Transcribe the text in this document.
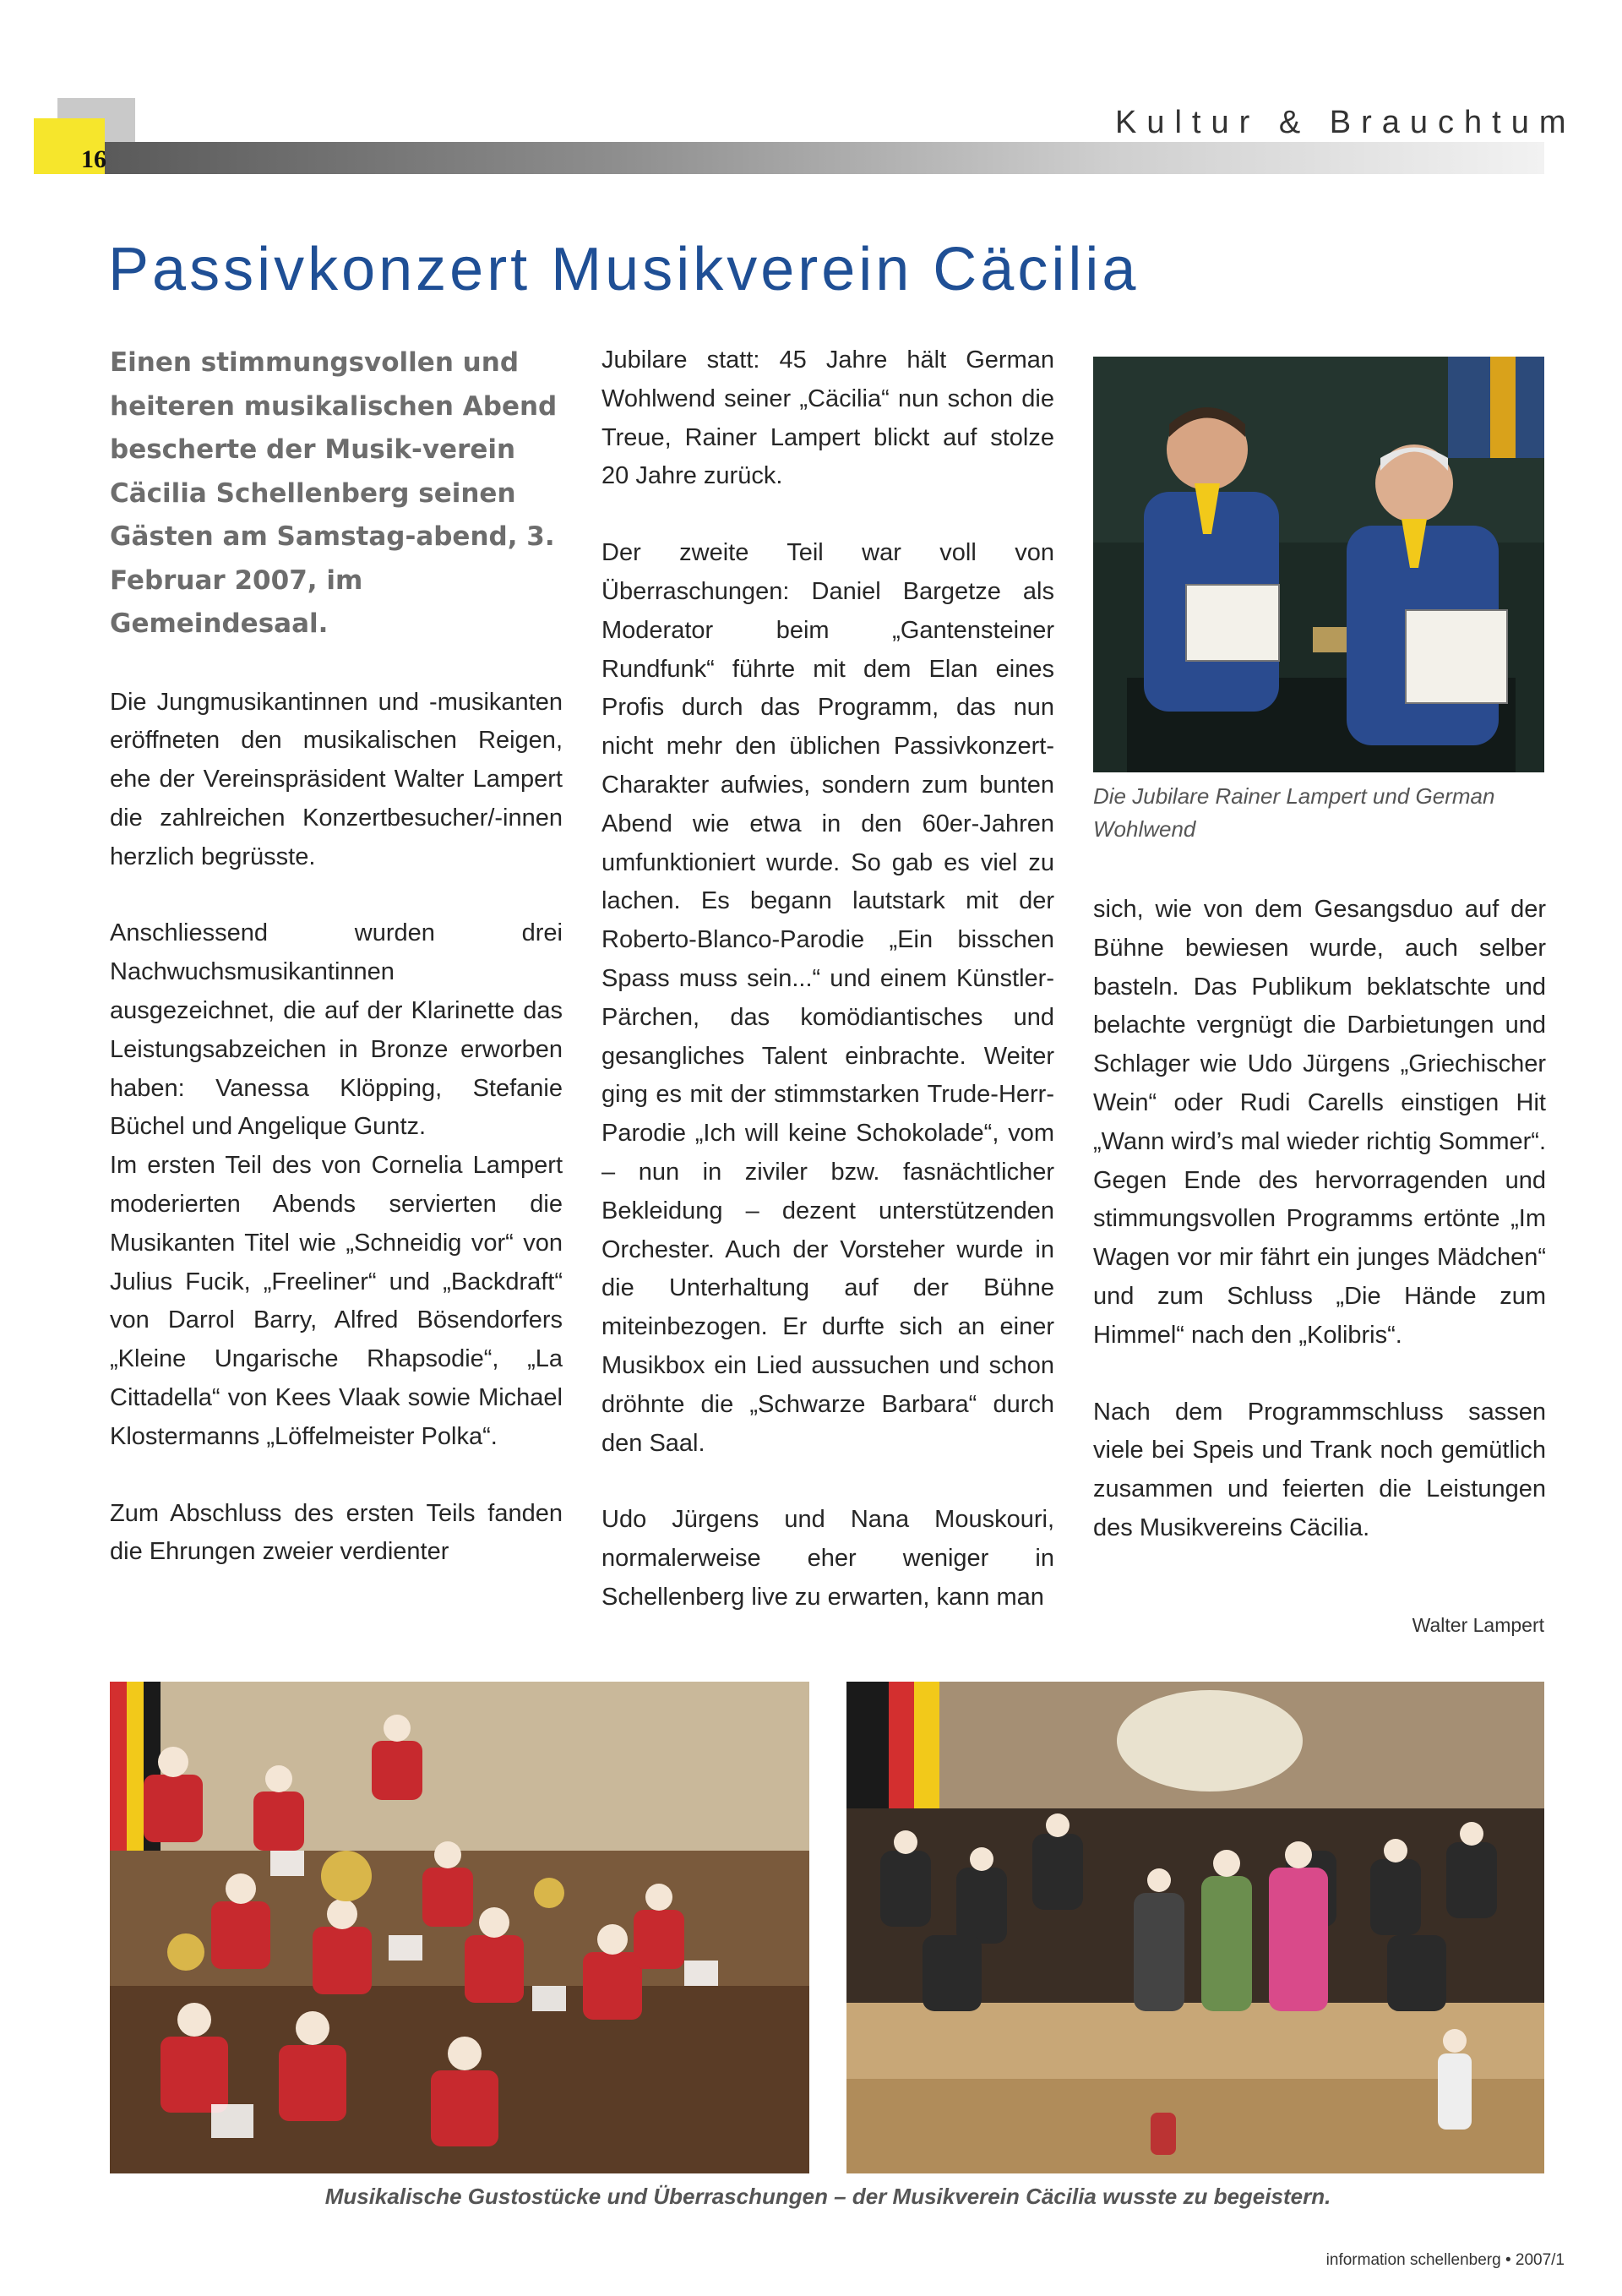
16
Kultur & Brauchtum
Passivkonzert Musikverein Cäcilia

Einen stimmungsvollen und heiteren musikalischen Abend bescherte der Musik-verein Cäcilia Schellenberg seinen Gästen am Samstag-abend, 3. Februar 2007, im Gemeindesaal.

Die Jungmusikantinnen und -musikanten eröffneten den musikalischen Reigen, ehe der Vereinspräsident Walter Lampert die zahlreichen Konzertbesucher/-innen herzlich begrüsste.

Anschliessend wurden drei Nachwuchsmusikantinnen ausgezeichnet, die auf der Klarinette das Leistungsabzeichen in Bronze erworben haben: Vanessa Klöpping, Stefanie Büchel und Angelique Guntz.

Im ersten Teil des von Cornelia Lampert moderierten Abends servierten die Musikanten Titel wie „Schneidig vor“ von Julius Fucik, „Freeliner“ und „Backdraft“ von Darrol Barry, Alfred Bösendorfers „Kleine Ungarische Rhapsodie“, „La Cittadella“ von Kees Vlaak sowie Michael Klostermanns „Löffelmeister Polka“.

Zum Abschluss des ersten Teils fanden die Ehrungen zweier verdienter

Jubilare statt: 45 Jahre hält German Wohlwend seiner „Cäcilia“ nun schon die Treue, Rainer Lampert blickt auf stolze 20 Jahre zurück.

Der zweite Teil war voll von Überraschungen: Daniel Bargetze als Moderator beim „Gantensteiner Rundfunk“ führte mit dem Elan eines Profis durch das Programm, das nun nicht mehr den üblichen Passivkonzert-Charakter aufwies, sondern zum bunten Abend wie etwa in den 60er-Jahren umfunktioniert wurde. So gab es viel zu lachen. Es begann lautstark mit der Roberto-Blanco-Parodie „Ein bisschen Spass muss sein...“ und einem Künstler-Pärchen, das komödiantisches und gesangliches Talent einbrachte. Weiter ging es mit der stimmstarken Trude-Herr-Parodie „Ich will keine Schokolade“, vom – nun in ziviler bzw. fasnächtlicher Bekleidung – dezent unterstützenden Orchester. Auch der Vorsteher wurde in die Unterhaltung auf der Bühne miteinbezogen. Er durfte sich an einer Musikbox ein Lied aussuchen und schon dröhnte die „Schwarze Barbara“ durch den Saal.

Udo Jürgens und Nana Mouskouri, normalerweise eher weniger in Schellenberg live zu erwarten, kann man

Die Jubilare Rainer Lampert und German Wohlwend

sich, wie von dem Gesangsduo auf der Bühne bewiesen wurde, auch selber basteln. Das Publikum beklatschte und belachte vergnügt die Darbietungen und Schlager wie Udo Jürgens „Griechischer Wein“ oder Rudi Carells einstigen Hit „Wann wird’s mal wieder richtig Sommer“. Gegen Ende des hervorragenden und stimmungsvollen Programms ertönte „Im Wagen vor mir fährt ein junges Mädchen“ und zum Schluss „Die Hände zum Himmel“ nach den „Kolibris“.

Nach dem Programmschluss sassen viele bei Speis und Trank noch gemütlich zusammen und feierten die Leistungen des Musikvereins Cäcilia.

Walter Lampert
Musikalische Gustostücke und Überraschungen – der Musikverein Cäcilia wusste zu begeistern.
information schellenberg • 2007/1
